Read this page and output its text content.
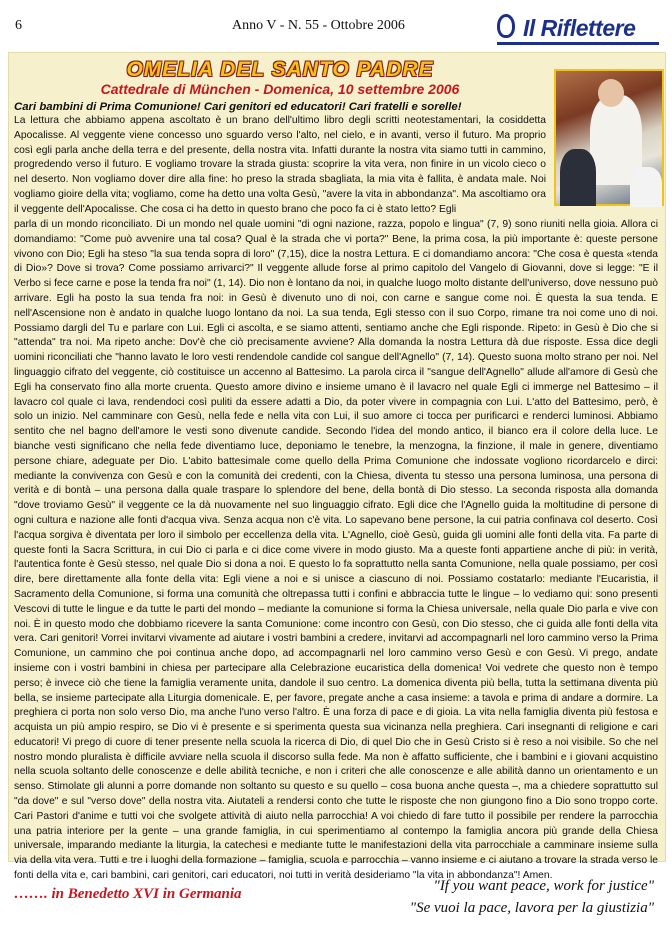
6	Anno V - N. 55 - Ottobre 2006	Il Riflettere
OMELIA DEL SANTO PADRE
Cattedrale di München - Domenica, 10 settembre 2006
Cari bambini di Prima Comunione! Cari genitori ed educatori! Cari fratelli e sorelle!

La lettura che abbiamo appena ascoltato è un brano dell'ultimo libro degli scritti neotestamentari, la cosiddetta Apocalisse. Al veggente viene concesso uno sguardo verso l'alto, nel cielo, e in avanti, verso il futuro. Ma proprio così egli parla anche della terra e del presente, della nostra vita. Infatti durante la nostra vita siamo tutti in cammino, progredendo verso il futuro. E vogliamo trovare la strada giusta: scoprire la vita vera, non finire in un vicolo cieco o nel deserto. Non vogliamo dover dire alla fine: ho preso la strada sbagliata, la mia vita è fallita, è andata male. Noi vogliamo gioire della vita; vogliamo, come ha detto una volta Gesù, "avere la vita in abbondanza". Ma ascoltiamo ora il veggente dell'Apocalisse. Che cosa ci ha detto in questo brano che poco fa ci è stato letto? Egli

parla di un mondo riconciliato. Di un mondo nel quale uomini "di ogni nazione, razza, popolo e lingua" (7, 9) sono riuniti nella gioia. Allora ci domandiamo: "Come può avvenire una tal cosa? Qual è la strada che vi porta?" Bene, la prima cosa, la più importante è: queste persone vivono con Dio; Egli ha steso "la sua tenda sopra di loro" (7,15), dice la nostra Lettura. E ci domandiamo ancora: "Che cosa è questa «tenda di Dio»? Dove si trova? Come possiamo arrivarci?" Il veggente allude forse al primo capitolo del Vangelo di Giovanni, dove si legge: "E il Verbo si fece carne e pose la tenda fra noi" (1, 14). Dio non è lontano da noi, in qualche luogo molto distante dell'universo, dove nessuno può arrivare. Egli ha posto la sua tenda fra noi: in Gesù è divenuto uno di noi, con carne e sangue come noi. È questa la sua tenda. E nell'Ascensione non è andato in qualche luogo lontano da noi. La sua tenda, Egli stesso con il suo Corpo, rimane tra noi come uno di noi. Possiamo dargli del Tu e parlare con Lui. Egli ci ascolta, e se siamo attenti, sentiamo anche che Egli risponde. Ripeto: in Gesù è Dio che si "attenda" tra noi. Ma ripeto anche: Dov'è che ciò precisamente avviene? Alla domanda la nostra Lettura dà due risposte. Essa dice degli uomini riconciliati che "hanno lavato le loro vesti rendendole candide col sangue dell'Agnello" (7, 14). Questo suona molto strano per noi. Nel linguaggio cifrato del veggente, ciò costituisce un accenno al Battesimo. La parola circa il "sangue dell'Agnello" allude all'amore di Gesù che Egli ha conservato fino alla morte cruenta. Questo amore divino e insieme umano è il lavacro nel quale Egli ci immerge nel Battesimo – il lavacro col quale ci lava, rendendoci così puliti da essere adatti a Dio, da poter vivere in compagnia con Lui. L'atto del Battesimo, però, è solo un inizio. Nel camminare con Gesù, nella fede e nella vita con Lui, il suo amore ci tocca per purificarci e renderci luminosi. Abbiamo sentito che nel bagno dell'amore le vesti sono divenute candide. Secondo l'idea del mondo antico, il bianco era il colore della luce. Le bianche vesti significano che nella fede diventiamo luce, deponiamo le tenebre, la menzogna, la finzione, il male in genere, diventiamo persone chiare, adeguate per Dio. L'abito battesimale come quello della Prima Comunione che indossate vogliono ricordarcelo e dirci: mediante la convivenza con Gesù e con la comunità dei credenti, con la Chiesa, diventa tu stesso una persona luminosa, una persona di verità e di bontà – una persona dalla quale traspare lo splendore del bene, della bontà di Dio stesso. La seconda risposta alla domanda "dove troviamo Gesù" il veggente ce la dà nuovamente nel suo linguaggio cifrato. Egli dice che l'Agnello guida la moltitudine di persone di ogni cultura e nazione alle fonti d'acqua viva. Senza acqua non c'è vita. Lo sapevano bene persone, la cui patria confinava col deserto. Così l'acqua sorgiva è diventata per loro il simbolo per eccellenza della vita. L'Agnello, cioè Gesù, guida gli uomini alle fonti della vita. Fa parte di queste fonti la Sacra Scrittura, in cui Dio ci parla e ci dice come vivere in modo giusto. Ma a queste fonti appartiene anche di più: in verità, l'autentica fonte è Gesù stesso, nel quale Dio si dona a noi. E questo lo fa soprattutto nella santa Comunione, nella quale possiamo, per così dire, bere direttamente alla fonte della vita: Egli viene a noi e si unisce a ciascuno di noi. Possiamo costatarlo: mediante l'Eucaristia, il Sacramento della Comunione, si forma una comunità che oltrepassa tutti i confini e abbraccia tutte le lingue – lo vediamo qui: sono presenti Vescovi di tutte le lingue e da tutte le parti del mondo – mediante la comunione si forma la Chiesa universale, nella quale Dio parla e vive con noi. È in questo modo che dobbiamo ricevere la santa Comunione: come incontro con Gesù, con Dio stesso, che ci guida alle fonti della vita vera. Cari genitori! Vorrei invitarvi vivamente ad aiutare i vostri bambini a credere, invitarvi ad accompagnarli nel loro cammino verso la Prima Comunione, un cammino che poi continua anche dopo, ad accompagnarli nel loro cammino verso Gesù e con Gesù. Vi prego, andate insieme con i vostri bambini in chiesa per partecipare alla Celebrazione eucaristica della domenica! Voi vedrete che questo non è tempo perso; è invece ciò che tiene la famiglia veramente unita, dandole il suo centro. La domenica diventa più bella, tutta la settimana diventa più bella, se insieme partecipate alla Liturgia domenicale. E, per favore, pregate anche a casa insieme: a tavola e prima di andare a dormire. La preghiera ci porta non solo verso Dio, ma anche l'uno verso l'altro. È una forza di pace e di gioia. La vita nella famiglia diventa più festosa e acquista un più ampio respiro, se Dio vi è presente e si sperimenta questa sua vicinanza nella preghiera. Cari insegnanti di religione e cari educatori! Vi prego di cuore di tener presente nella scuola la ricerca di Dio, di quel Dio che in Gesù Cristo si è reso a noi visibile. So che nel nostro mondo pluralista è difficile avviare nella scuola il discorso sulla fede. Ma non è affatto sufficiente, che i bambini e i giovani acquistino nella scuola soltanto delle conoscenze e delle abilità tecniche, e non i criteri che alle conoscenze e alle abilità danno un orientamento e un senso. Stimolate gli alunni a porre domande non soltanto su questo e su quello – cosa buona anche questa –, ma a chiedere soprattutto sul "da dove" e sul "verso dove" della nostra vita. Aiutateli a rendersi conto che tutte le risposte che non giungono fino a Dio sono troppo corte. Cari Pastori d'anime e tutti voi che svolgete attività di aiuto nella parrocchia! A voi chiedo di fare tutto il possibile per rendere la parrocchia una patria interiore per la gente – una grande famiglia, in cui sperimentiamo al contempo la famiglia ancora più grande della Chiesa universale, imparando mediante la liturgia, la catechesi e mediante tutte le manifestazioni della vita parrocchiale a camminare insieme sulla via della vita vera. Tutti e tre i luoghi della formazione – famiglia, scuola e parrocchia – vanno insieme e ci aiutano a trovare la strada verso le fonti della vita e, cari bambini, cari genitori, cari educatori, noi tutti in verità desideriamo "la vita in abbondanza"! Amen.

……. in Benedetto XVI in Germania	"If you want peace, work for justice"
"Se vuoi la pace, lavora per la giustizia"
